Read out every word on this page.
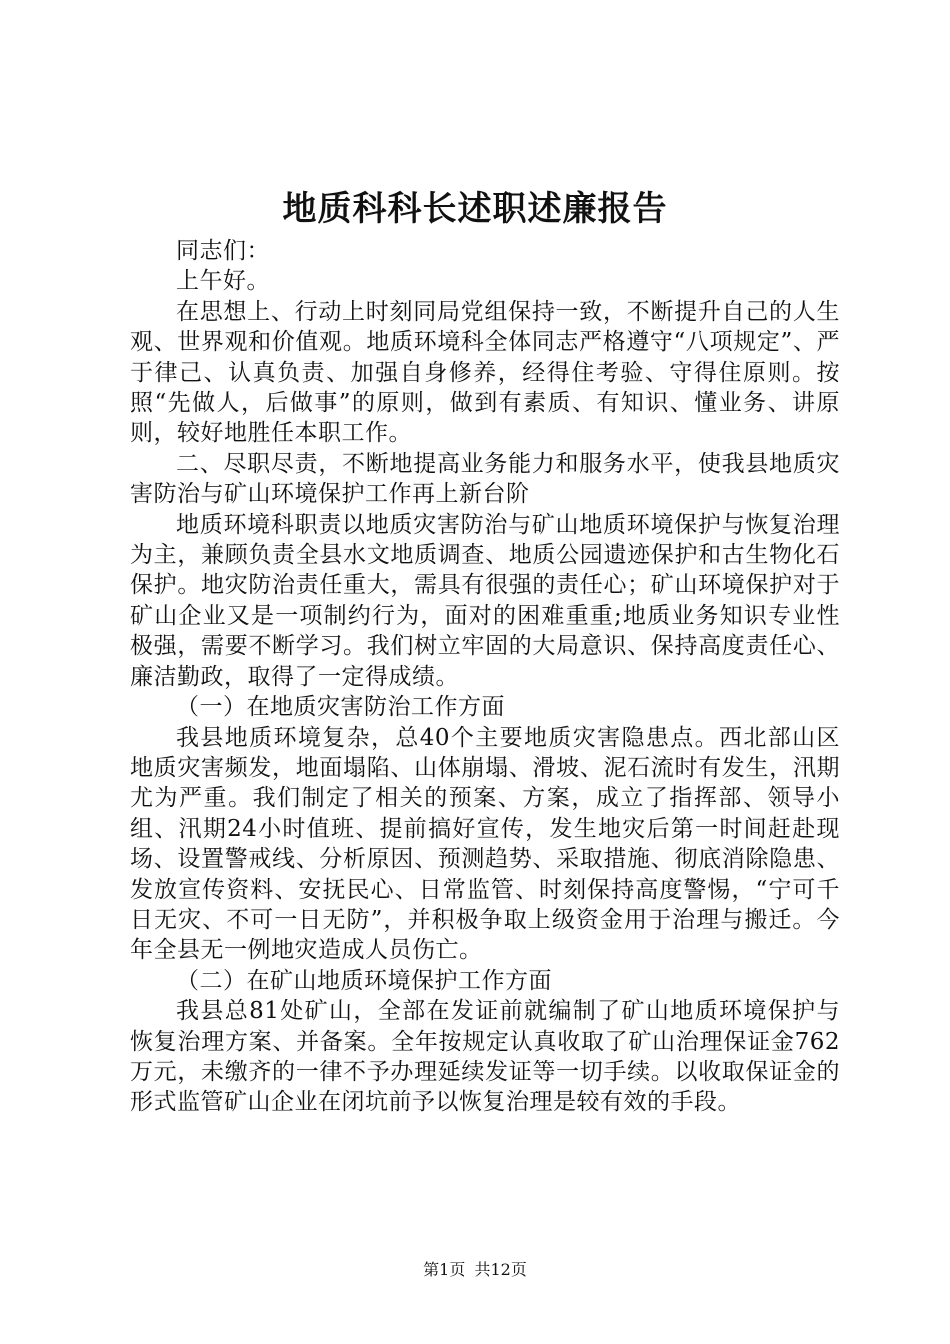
地质科科长述职述廉报告

同志们：

上午好。

在思想上、行动上时刻同局党组保持一致，不断提升自己的人生观、世界观和价值观。地质环境科全体同志严格遵守“八项规定”、严于律己、认真负责、加强自身修养，经得住考验、守得住原则。按照“先做人，后做事”的原则，做到有素质、有知识、懂业务、讲原则，较好地胜任本职工作。

二、尽职尽责，不断地提高业务能力和服务水平，使我县地质灾害防治与矿山环境保护工作再上新台阶

地质环境科职责以地质灾害防治与矿山地质环境保护与恢复治理为主，兼顾负责全县水文地质调查、地质公园遗迹保护和古生物化石保护。地灾防治责任重大，需具有很强的责任心；矿山环境保护对于矿山企业又是一项制约行为，面对的困难重重;地质业务知识专业性极强，需要不断学习。我们树立牢固的大局意识、保持高度责任心、廉洁勤政，取得了一定得成绩。

（一）在地质灾害防治工作方面

我县地质环境复杂，总40个主要地质灾害隐患点。西北部山区地质灾害频发，地面塌陷、山体崩塌、滑坡、泥石流时有发生，汛期尤为严重。我们制定了相关的预案、方案，成立了指挥部、领导小组、汛期24小时值班、提前搞好宣传，发生地灾后第一时间赶赴现场、设置警戒线、分析原因、预测趋势、采取措施、彻底消除隐患、发放宣传资料、安抚民心、日常监管、时刻保持高度警惕，“宁可千日无灾、不可一日无防”，并积极争取上级资金用于治理与搬迁。今年全县无一例地灾造成人员伤亡。

（二）在矿山地质环境保护工作方面

我县总81处矿山，全部在发证前就编制了矿山地质环境保护与恢复治理方案、并备案。全年按规定认真收取了矿山治理保证金762万元，未缴齐的一律不予办理延续发证等一切手续。以收取保证金的形式监管矿山企业在闭坑前予以恢复治理是较有效的手段。

第1页 共12页
